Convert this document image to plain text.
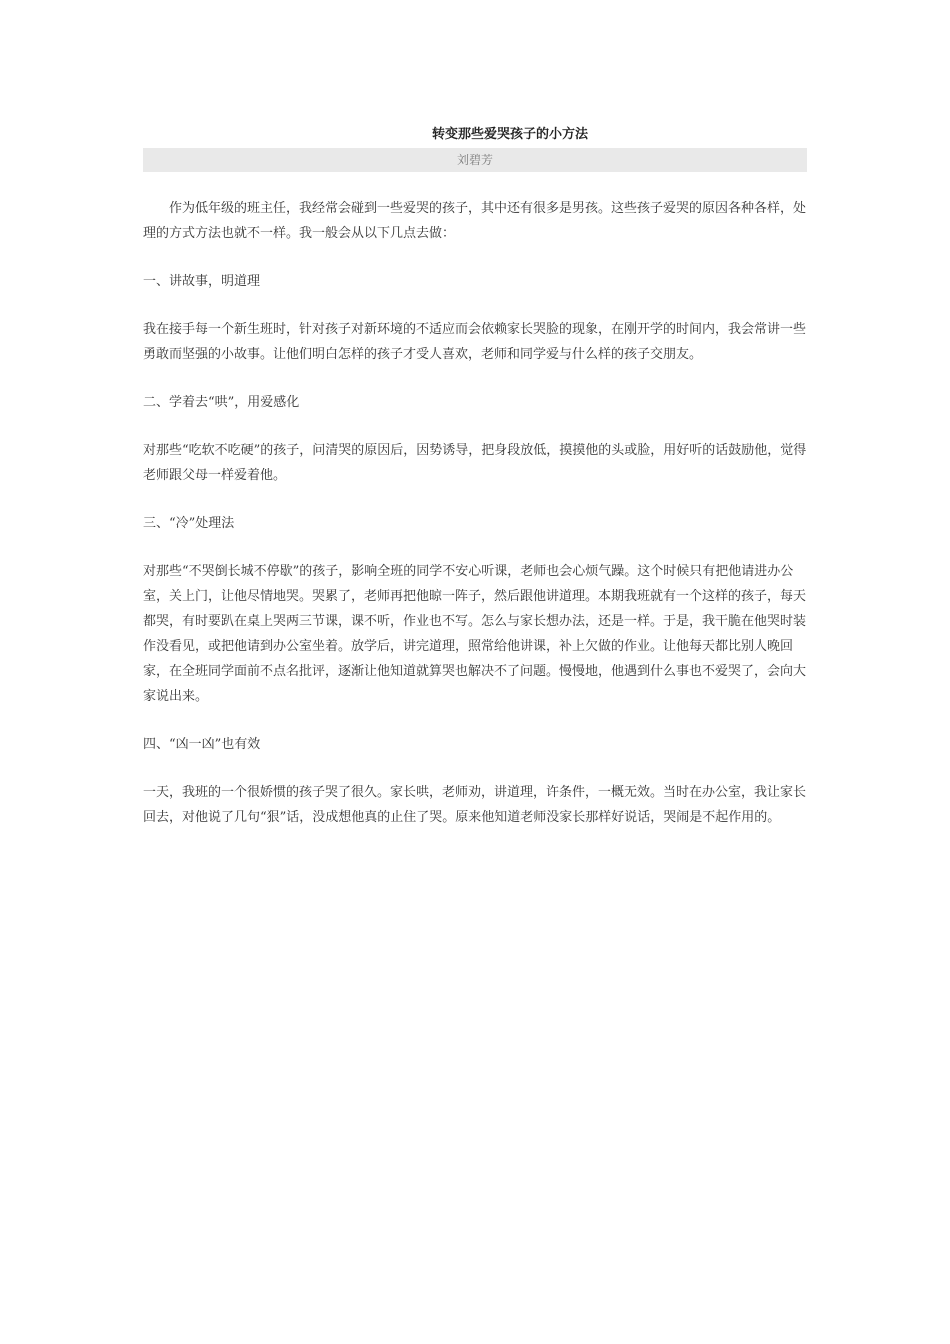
转变那些爱哭孩子的小方法
刘碧芳

作为低年级的班主任，我经常会碰到一些爱哭的孩子，其中还有很多是男孩。这些孩子爱哭的原因各种各样，处理的方式方法也就不一样。我一般会从以下几点去做：

一、讲故事，明道理

我在接手每一个新生班时，针对孩子对新环境的不适应而会依赖家长哭脸的现象，在刚开学的时间内，我会常讲一些勇敢而坚强的小故事。让他们明白怎样的孩子才受人喜欢，老师和同学爱与什么样的孩子交朋友。

二、学着去“哄”，用爱感化

对那些“吃软不吃硬”的孩子，问清哭的原因后，因势诱导，把身段放低，摸摸他的头或脸，用好听的话鼓励他，觉得老师跟父母一样爱着他。

三、“冷”处理法

对那些“不哭倒长城不停歇”的孩子，影响全班的同学不安心听课，老师也会心烦气躁。这个时候只有把他请进办公室，关上门，让他尽情地哭。哭累了，老师再把他晾一阵子，然后跟他讲道理。本期我班就有一个这样的孩子，每天都哭，有时要趴在桌上哭两三节课，课不听，作业也不写。怎么与家长想办法，还是一样。于是，我干脆在他哭时装作没看见，或把他请到办公室坐着。放学后，讲完道理，照常给他讲课，补上欠做的作业。让他每天都比别人晚回家，在全班同学面前不点名批评，逐渐让他知道就算哭也解决不了问题。慢慢地，他遇到什么事也不爱哭了，会向大家说出来。

四、“凶一凶”也有效

一天，我班的一个很娇惯的孩子哭了很久。家长哄，老师劝，讲道理，许条件，一概无效。当时在办公室，我让家长回去，对他说了几句“狠”话，没成想他真的止住了哭。原来他知道老师没家长那样好说话，哭闹是不起作用的。
